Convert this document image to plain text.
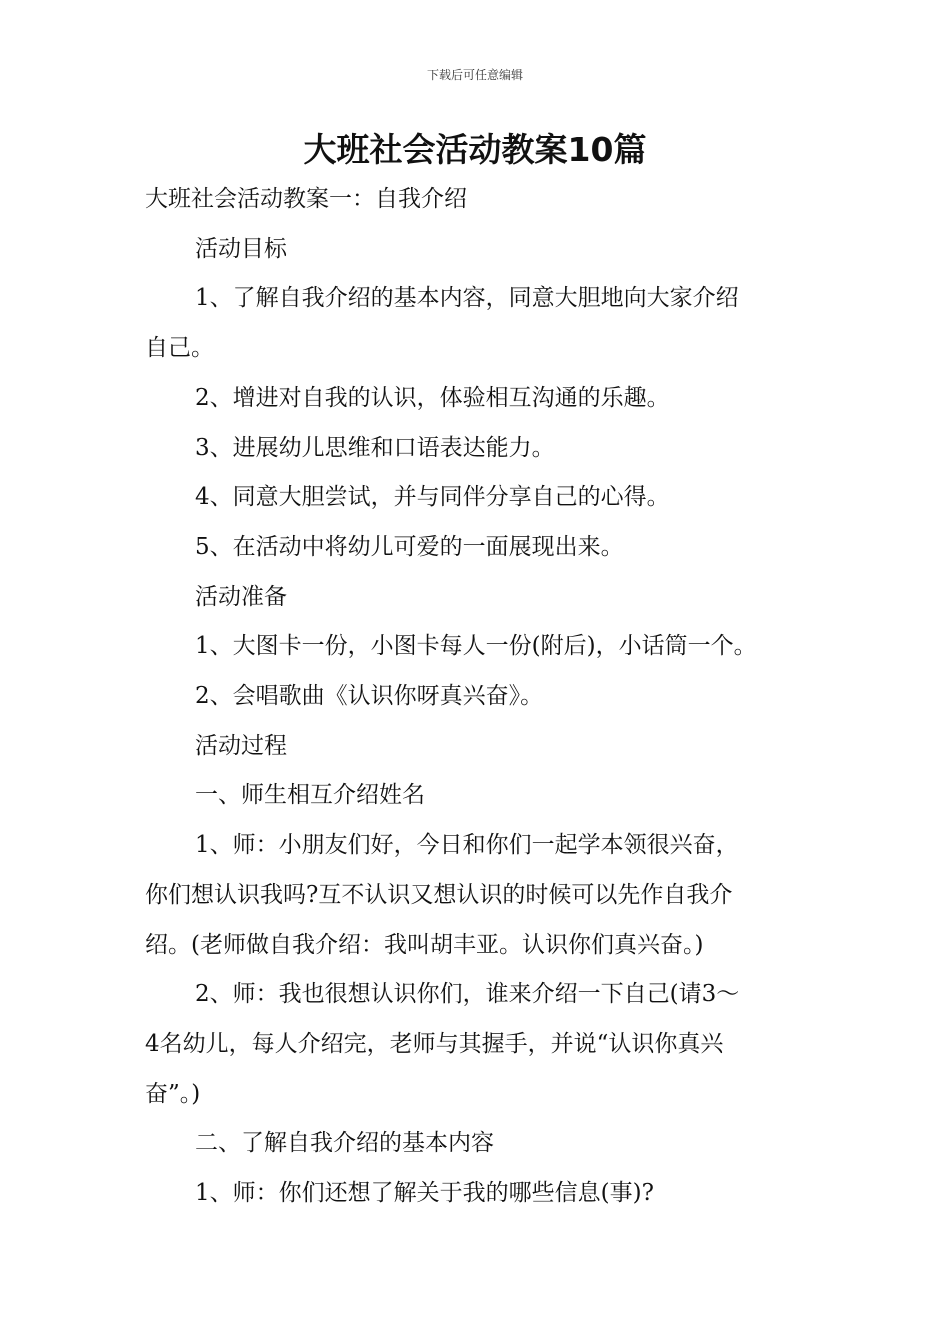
下载后可任意编辑
大班社会活动教案10篇

大班社会活动教案一：自我介绍

活动目标

1、了解自我介绍的基本内容，同意大胆地向大家介绍

自己。

2、增进对自我的认识，体验相互沟通的乐趣。

3、进展幼儿思维和口语表达能力。

4、同意大胆尝试，并与同伴分享自己的心得。

5、在活动中将幼儿可爱的一面展现出来。

活动准备

1、大图卡一份，小图卡每人一份(附后)，小话筒一个。

2、会唱歌曲《认识你呀真兴奋》。

活动过程

一、师生相互介绍姓名

1、师：小朋友们好，今日和你们一起学本领很兴奋，

你们想认识我吗?互不认识又想认识的时候可以先作自我介

绍。(老师做自我介绍：我叫胡丰亚。认识你们真兴奋。)

2、师：我也很想认识你们，谁来介绍一下自己(请3～

4名幼儿，每人介绍完，老师与其握手，并说“认识你真兴

奋”。)

二、了解自我介绍的基本内容

1、师：你们还想了解关于我的哪些信息(事)?
